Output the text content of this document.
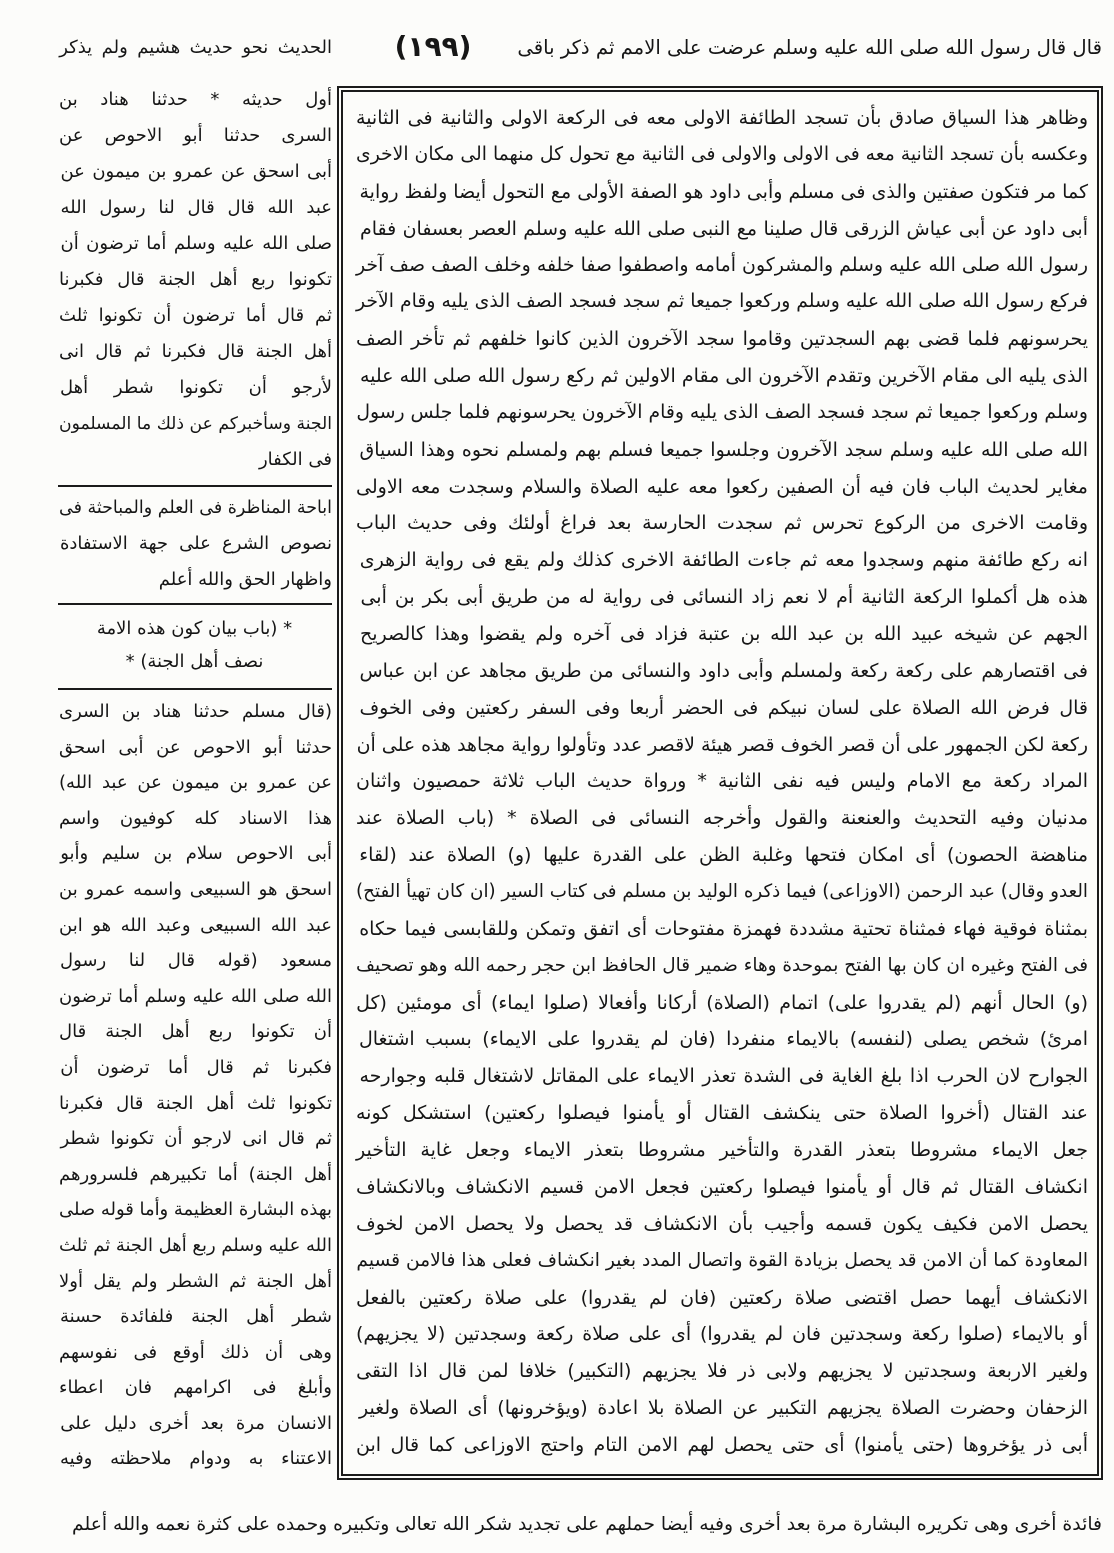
قال قال رسول الله صلى الله عليه وسلم عرضت على الامم ثم ذكر باقى
(١٩٩)
الحديث نحو حديث هشيم ولم يذكر
وظاهر هذا السياق صادق بأن تسجد الطائفة الاولى معه فى الركعة الاولى والثانية فى الثانية
وعكسه بأن تسجد الثانية معه فى الاولى والاولى فى الثانية مع تحول كل منهما الى مكان الاخرى
كما مر فتكون صفتين والذى فى مسلم وأبى داود هو الصفة الأولى مع التحول أيضا ولفظ رواية
أبى داود عن أبى عياش الزرقى قال صلينا مع النبى صلى الله عليه وسلم العصر بعسفان فقام
رسول الله صلى الله عليه وسلم والمشركون أمامه واصطفوا صفا خلفه وخلف الصف صف آخر
فركع رسول الله صلى الله عليه وسلم وركعوا جميعا ثم سجد فسجد الصف الذى يليه وقام الآخر
يحرسونهم فلما قضى بهم السجدتين وقاموا سجد الآخرون الذين كانوا خلفهم ثم تأخر الصف
الذى يليه الى مقام الآخرين وتقدم الآخرون الى مقام الاولين ثم ركع رسول الله صلى الله عليه
وسلم وركعوا جميعا ثم سجد فسجد الصف الذى يليه وقام الآخرون يحرسونهم فلما جلس رسول
الله صلى الله عليه وسلم سجد الآخرون وجلسوا جميعا فسلم بهم ولمسلم نحوه وهذا السياق
مغاير لحديث الباب فان فيه أن الصفين ركعوا معه عليه الصلاة والسلام وسجدت معه الاولى
وقامت الاخرى من الركوع تحرس ثم سجدت الحارسة بعد فراغ أولئك وفى حديث الباب
انه ركع طائفة منهم وسجدوا معه ثم جاءت الطائفة الاخرى كذلك ولم يقع فى رواية الزهرى
هذه هل أكملوا الركعة الثانية أم لا نعم زاد النسائى فى رواية له من طريق أبى بكر بن أبى
الجهم عن شيخه عبيد الله بن عبد الله بن عتبة فزاد فى آخره ولم يقضوا وهذا كالصريح
فى اقتصارهم على ركعة ركعة ولمسلم وأبى داود والنسائى من طريق مجاهد عن ابن عباس
قال فرض الله الصلاة على لسان نبيكم فى الحضر أربعا وفى السفر ركعتين وفى الخوف
ركعة لكن الجمهور على أن قصر الخوف قصر هيئة لاقصر عدد وتأولوا رواية مجاهد هذه على أن
المراد ركعة مع الامام وليس فيه نفى الثانية * ورواة حديث الباب ثلاثة حمصيون واثنان
مدنيان وفيه التحديث والعنعنة والقول وأخرجه النسائى فى الصلاة * (باب الصلاة عند
مناهضة الحصون) أى امكان فتحها وغلبة الظن على القدرة عليها (و) الصلاة عند (لقاء
العدو وقال) عبد الرحمن (الاوزاعى) فيما ذكره الوليد بن مسلم فى كتاب السير (ان كان تهيأ الفتح)
بمثناة فوقية فهاء فمثناة تحتية مشددة فهمزة مفتوحات أى اتفق وتمكن وللقابسى فيما حكاه
فى الفتح وغيره ان كان بها الفتح بموحدة وهاء ضمير قال الحافظ ابن حجر رحمه الله وهو تصحيف
(و) الحال أنهم (لم يقدروا على) اتمام (الصلاة) أركانا وأفعالا (صلوا ايماء) أى مومئين (كل
امرئ) شخص يصلى (لنفسه) بالايماء منفردا (فان لم يقدروا على الايماء) بسبب اشتغال
الجوارح لان الحرب اذا بلغ الغاية فى الشدة تعذر الايماء على المقاتل لاشتغال قلبه وجوارحه
عند القتال (أخروا الصلاة حتى ينكشف القتال أو يأمنوا فيصلوا ركعتين) استشكل كونه
جعل الايماء مشروطا بتعذر القدرة والتأخير مشروطا بتعذر الايماء وجعل غاية التأخير
انكشاف القتال ثم قال أو يأمنوا فيصلوا ركعتين فجعل الامن قسيم الانكشاف وبالانكشاف
يحصل الامن فكيف يكون قسمه وأجيب بأن الانكشاف قد يحصل ولا يحصل الامن لخوف
المعاودة كما أن الامن قد يحصل بزيادة القوة واتصال المدد بغير انكشاف فعلى هذا فالامن قسيم
الانكشاف أيهما حصل اقتضى صلاة ركعتين (فان لم يقدروا) على صلاة ركعتين بالفعل
أو بالايماء (صلوا ركعة وسجدتين فان لم يقدروا) أى على صلاة ركعة وسجدتين (لا يجزيهم)
ولغير الاربعة وسجدتين لا يجزيهم ولابى ذر فلا يجزيهم (التكبير) خلافا لمن قال اذا التقى
الزحفان وحضرت الصلاة يجزيهم التكبير عن الصلاة بلا اعادة (ويؤخرونها) أى الصلاة ولغير
أبى ذر يؤخروها (حتى يأمنوا) أى حتى يحصل لهم الامن التام واحتج الاوزاعى كما قال ابن
أول حديثه * حدثنا هناد بن
السرى حدثنا أبو الاحوص عن
أبى اسحق عن عمرو بن ميمون عن
عبد الله قال قال لنا رسول الله
صلى الله عليه وسلم أما ترضون أن
تكونوا ربع أهل الجنة قال فكبرنا
ثم قال أما ترضون أن تكونوا ثلث
أهل الجنة قال فكبرنا ثم قال انى
لأرجو أن تكونوا شطر أهل
الجنة وسأخبركم عن ذلك ما المسلمون
فى الكفار
اباحة المناظرة فى العلم والمباحثة فى
نصوص الشرع على جهة الاستفادة
واظهار الحق والله أعلم
* (باب بيان كون هذه الامة
نصف أهل الجنة) *
(قال مسلم حدثنا هناد بن السرى
حدثنا أبو الاحوص عن أبى اسحق
عن عمرو بن ميمون عن عبد الله)
هذا الاسناد كله كوفيون واسم
أبى الاحوص سلام بن سليم وأبو
اسحق هو السبيعى واسمه عمرو بن
عبد الله السبيعى وعبد الله هو ابن
مسعود (قوله قال لنا رسول
الله صلى الله عليه وسلم أما ترضون
أن تكونوا ربع أهل الجنة قال
فكبرنا ثم قال أما ترضون أن
تكونوا ثلث أهل الجنة قال فكبرنا
ثم قال انى لارجو أن تكونوا شطر
أهل الجنة) أما تكبيرهم فلسرورهم
بهذه البشارة العظيمة وأما قوله صلى
الله عليه وسلم ربع أهل الجنة ثم ثلث
أهل الجنة ثم الشطر ولم يقل أولا
شطر أهل الجنة فلفائدة حسنة
وهى أن ذلك أوقع فى نفوسهم
وأبلغ فى اكرامهم فان اعطاء
الانسان مرة بعد أخرى دليل على
الاعتناء به ودوام ملاحظته وفيه
فائدة أخرى وهى تكريره البشارة مرة بعد أخرى وفيه أيضا حملهم على تجديد شكر الله تعالى وتكبيره وحمده على كثرة نعمه والله أعلم
